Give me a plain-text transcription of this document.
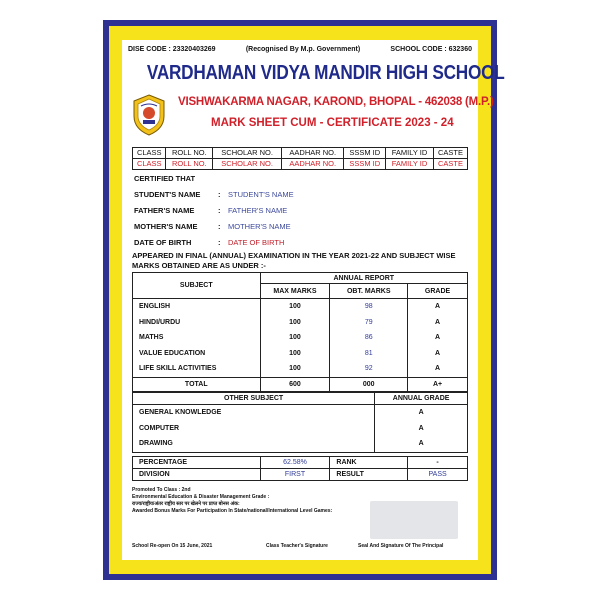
DISE CODE : 23320403269	(Recognised By M.p. Government)	SCHOOL CODE : 632360
VARDHAMAN VIDYA MANDIR HIGH SCHOOL
VISHWAKARMA NAGAR, KAROND, BHOPAL - 462038 (M.P.)
MARK SHEET CUM - CERTIFICATE 2023 - 24
CLASS	ROLL NO.	SCHOLAR NO.	AADHAR NO.	SSSM ID	FAMILY ID	CASTE
CLASS	ROLL NO.	SCHOLAR NO.	AADHAR NO.	SSSM ID	FAMILY ID	CASTE
CERTIFIED THAT
STUDENT'S NAME : STUDENT'S NAME
FATHER'S NAME	: FATHER'S NAME
MOTHER'S NAME	: MOTHER'S NAME
DATE OF BIRTH	: DATE OF BIRTH
APPEARED IN FINAL (ANNUAL) EXAMINATION IN THE YEAR 2021-22 AND SUBJECT WISE MARKS OBTAINED ARE AS UNDER :-
SUBJECT	ANNUAL REPORT		
	MAX MARKS	OBT. MARKS	GRADE
ENGLISH	100	98	A
HINDI/URDU	100	79	A
MATHS	100	86	A
VALUE EDUCATION	100	81	A
LIFE SKILL ACTIVITIES	100	92	A
TOTAL	600	000	A+
OTHER SUBJECT	ANNUAL GRADE
GENERAL KNOWLEDGE	A
COMPUTER	A
DRAWING	A
PERCENTAGE	62.58%	RANK	-
DIVISION	FIRST	RESULT	PASS
Promoted To Class : 2nd
Environmental Education & Disaster Management Grade :
राज्य/राष्ट्रीय/अंतर राष्ट्रीय स्तर पर खेलने पर प्राप्त बोनस अंक:
Awarded Bonus Marks For Participation In State/national/International Level Games:
School Re-open On 15 June, 2021	Class Teacher's Signature	Seal And Signature Of The Principal
